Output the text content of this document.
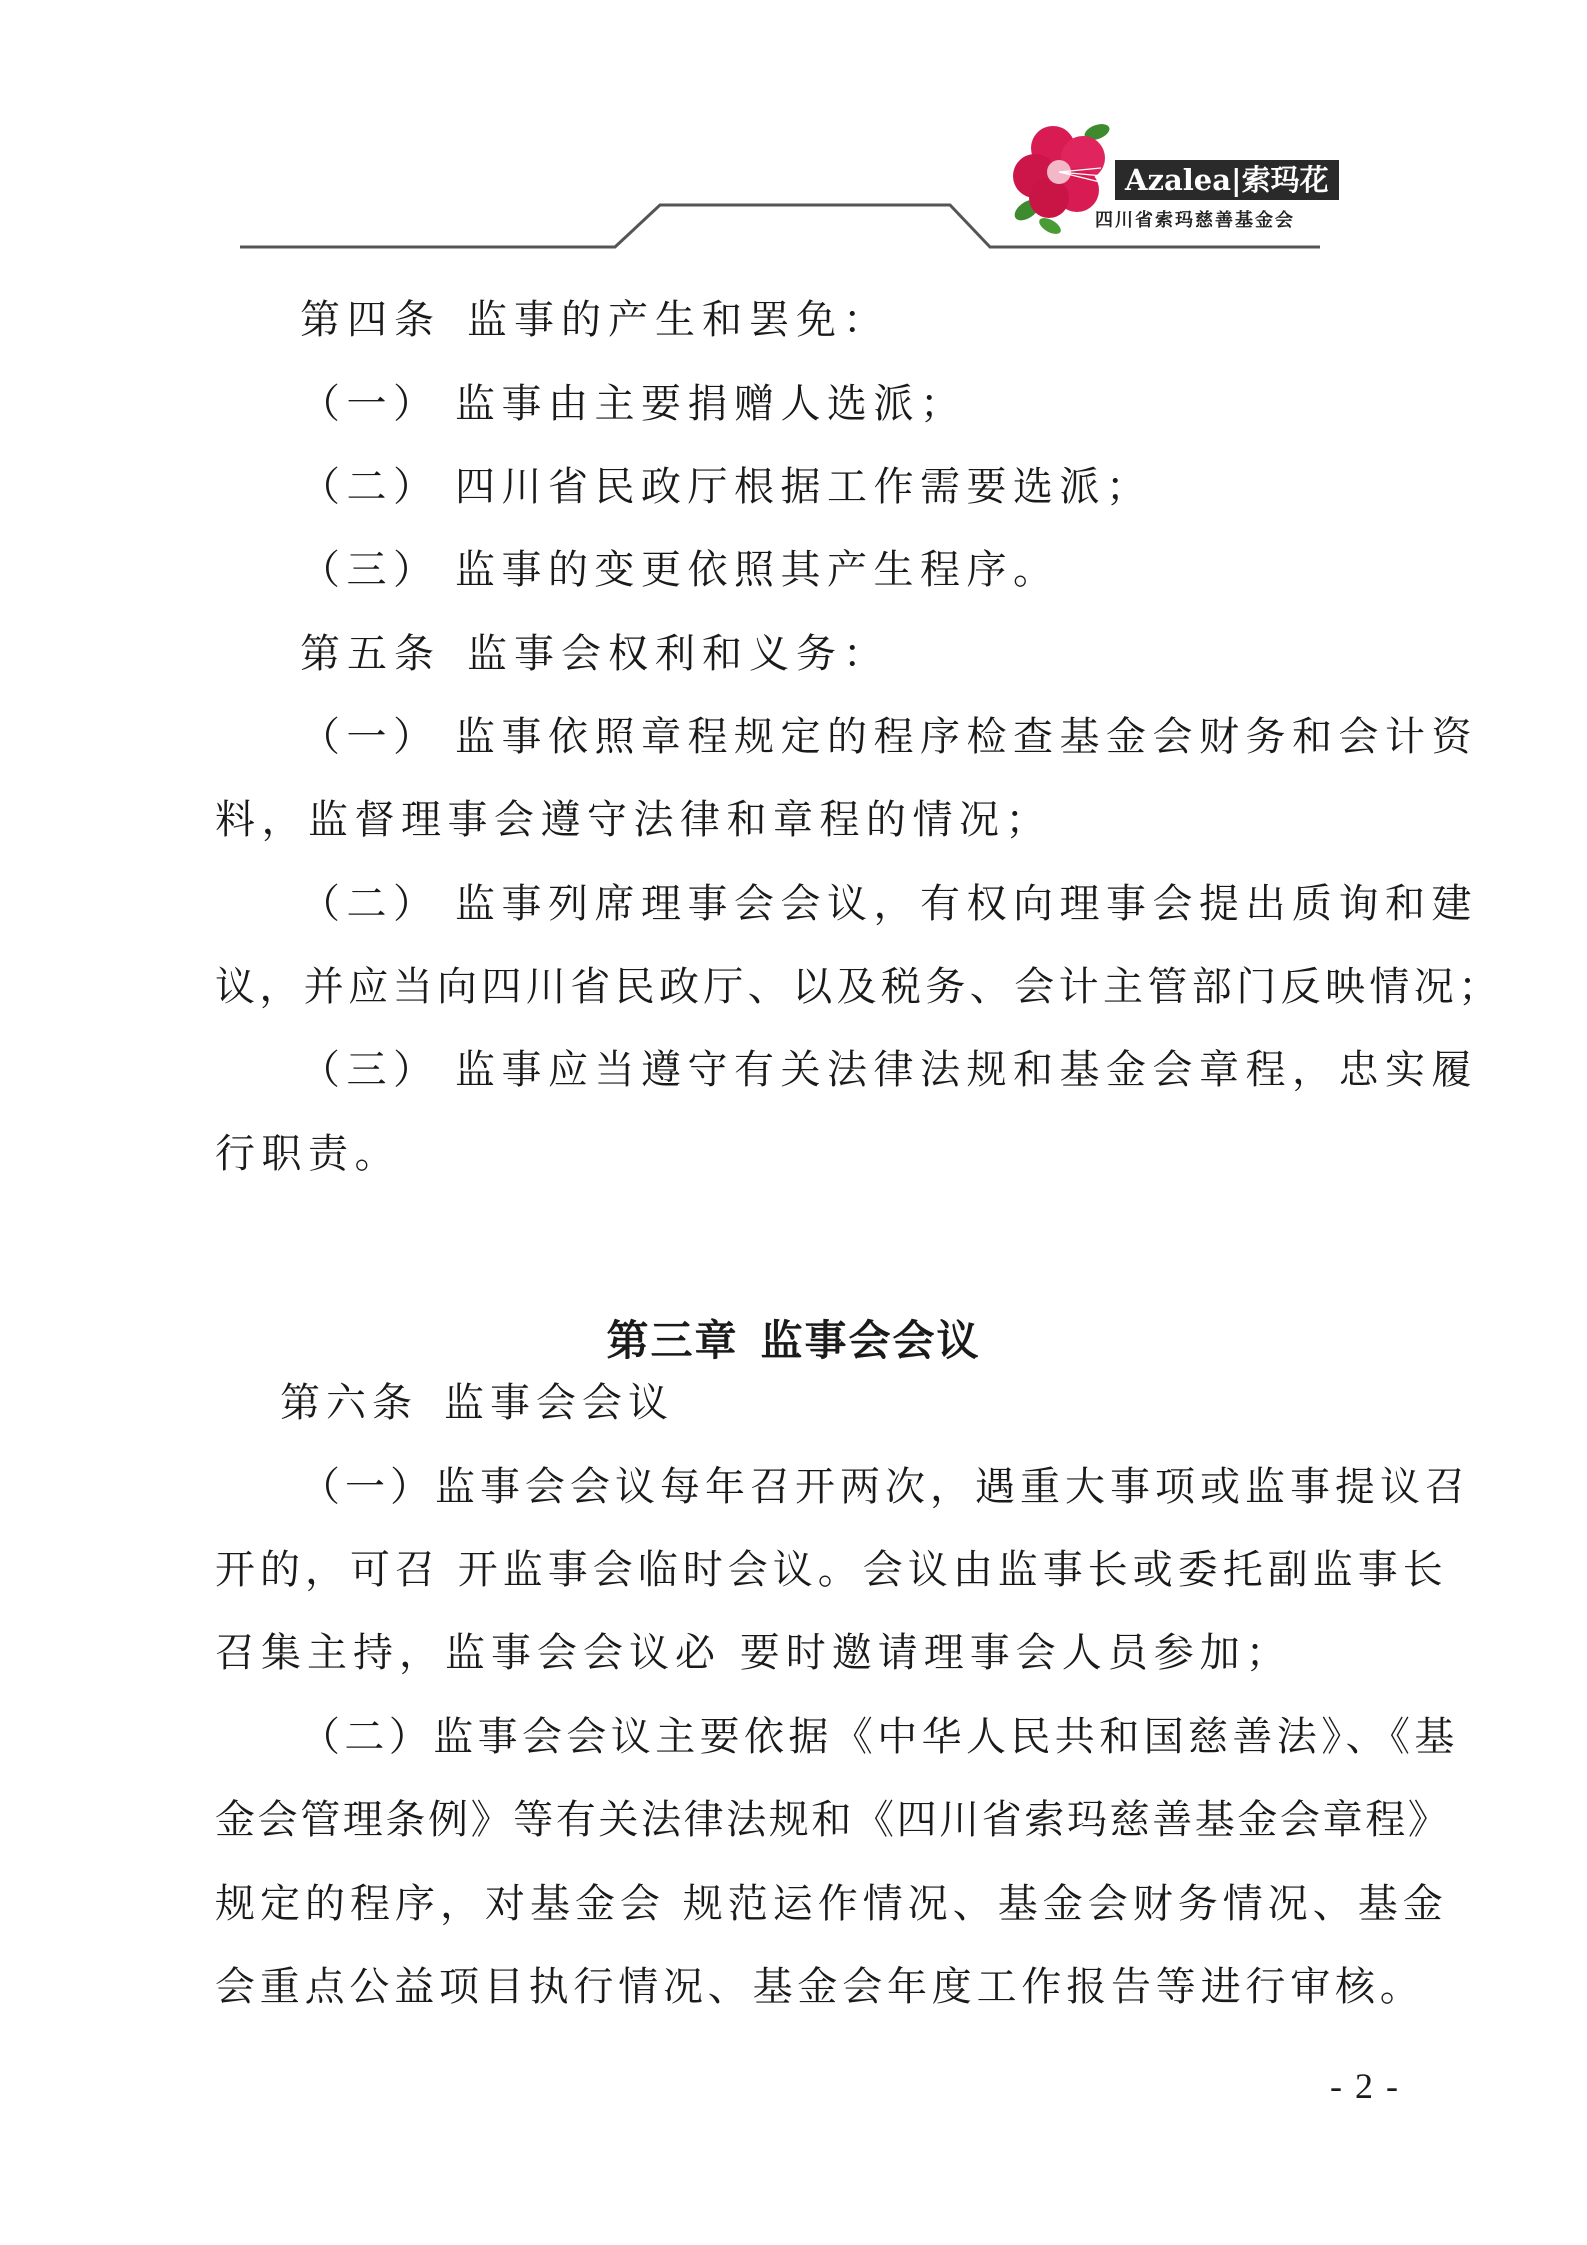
Azalea|索玛花
四川省索玛慈善基金会
第四条 监事的产生和罢免：
（一） 监事由主要捐赠人选派；
（二） 四川省民政厅根据工作需要选派；
（三） 监事的变更依照其产生程序。
第五条 监事会权利和义务：
（一） 监事依照章程规定的程序检查基金会财务和会计资
料，监督理事会遵守法律和章程的情况；
（二） 监事列席理事会会议，有权向理事会提出质询和建
议，并应当向四川省民政厅、以及税务、会计主管部门反映情况；
（三） 监事应当遵守有关法律法规和基金会章程，忠实履
行职责。
第三章 监事会会议
第六条 监事会会议
（一）监事会会议每年召开两次，遇重大事项或监事提议召
开的，可召 开监事会临时会议。会议由监事长或委托副监事长
召集主持，监事会会议必 要时邀请理事会人员参加；
（二）监事会会议主要依据《中华人民共和国慈善法》、《基
金会管理条例》等有关法律法规和《四川省索玛慈善基金会章程》
规定的程序，对基金会 规范运作情况、基金会财务情况、基金
会重点公益项目执行情况、基金会年度工作报告等进行审核。
- 2 -
